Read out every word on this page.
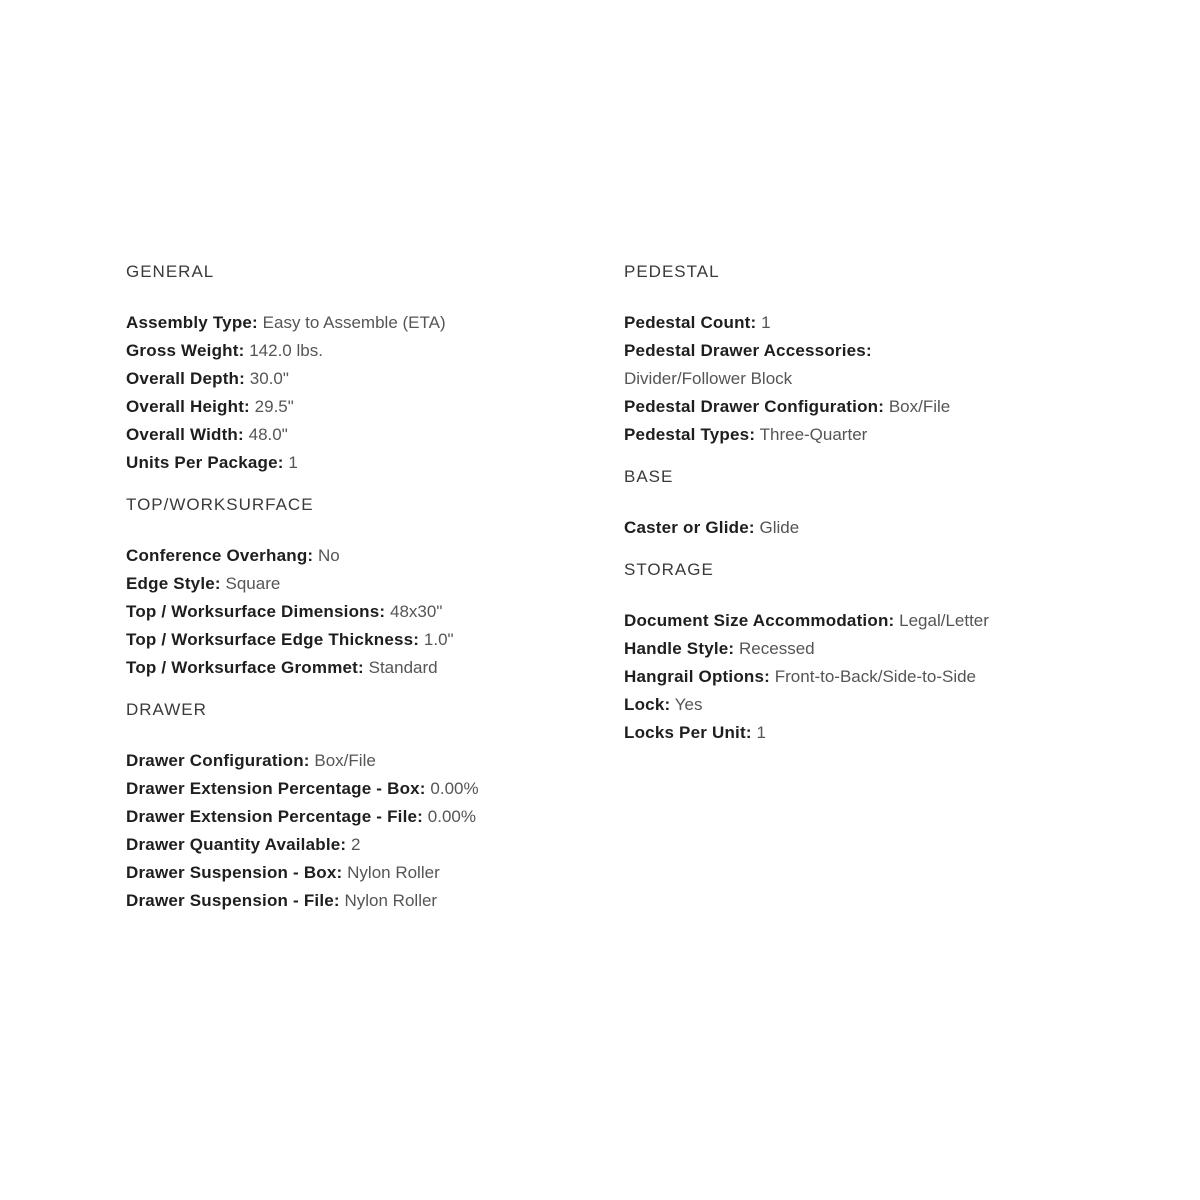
GENERAL
Assembly Type: Easy to Assemble (ETA)
Gross Weight: 142.0 lbs.
Overall Depth: 30.0"
Overall Height: 29.5"
Overall Width: 48.0"
Units Per Package: 1
TOP/WORKSURFACE
Conference Overhang: No
Edge Style: Square
Top / Worksurface Dimensions: 48x30"
Top / Worksurface Edge Thickness: 1.0"
Top / Worksurface Grommet: Standard
DRAWER
Drawer Configuration: Box/File
Drawer Extension Percentage - Box: 0.00%
Drawer Extension Percentage - File: 0.00%
Drawer Quantity Available: 2
Drawer Suspension - Box: Nylon Roller
Drawer Suspension - File: Nylon Roller
PEDESTAL
Pedestal Count: 1
Pedestal Drawer Accessories:
Divider/Follower Block
Pedestal Drawer Configuration: Box/File
Pedestal Types: Three-Quarter
BASE
Caster or Glide: Glide
STORAGE
Document Size Accommodation: Legal/Letter
Handle Style: Recessed
Hangrail Options: Front-to-Back/Side-to-Side
Lock: Yes
Locks Per Unit: 1
